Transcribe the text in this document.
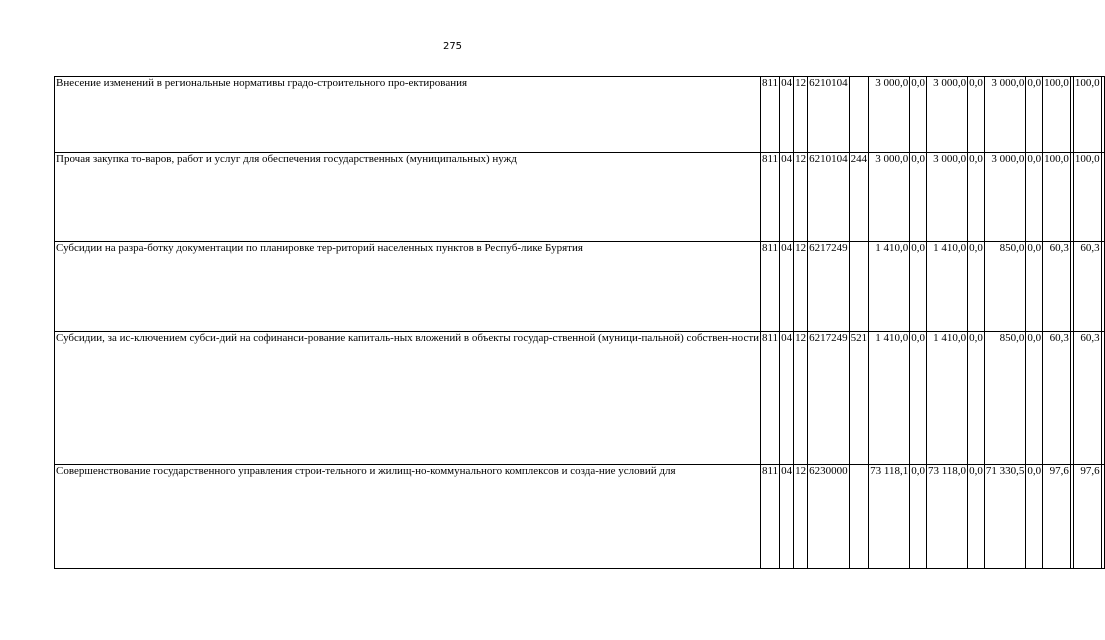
275
Внесение изменений в региональные нормативы градо-строительного про-ектирования	811	04	12	6210104		3 000,0	0,0	3 000,0	0,0	3 000,0	0,0	100,0		100,0	
Прочая закупка то-варов, работ и услуг для обеспечения государственных (муниципальных) нужд	811	04	12	6210104	244	3 000,0	0,0	3 000,0	0,0	3 000,0	0,0	100,0		100,0	
Субсидии на разра-ботку документации по планировке тер-риторий населенных пунктов в Респуб-лике Бурятия	811	04	12	6217249		1 410,0	0,0	1 410,0	0,0	850,0	0,0	60,3		60,3	
Субсидии, за ис-ключением субси-дий на софинанси-рование капиталь-ных вложений в объекты государ-ственной (муници-пальной) собствен-ности	811	04	12	6217249	521	1 410,0	0,0	1 410,0	0,0	850,0	0,0	60,3		60,3	
Совершенствование государственного управления строи-тельного и жилищ-но-коммунального комплексов и созда-ние условий для	811	04	12	6230000		73 118,1	0,0	73 118,0	0,0	71 330,5	0,0	97,6		97,6	
